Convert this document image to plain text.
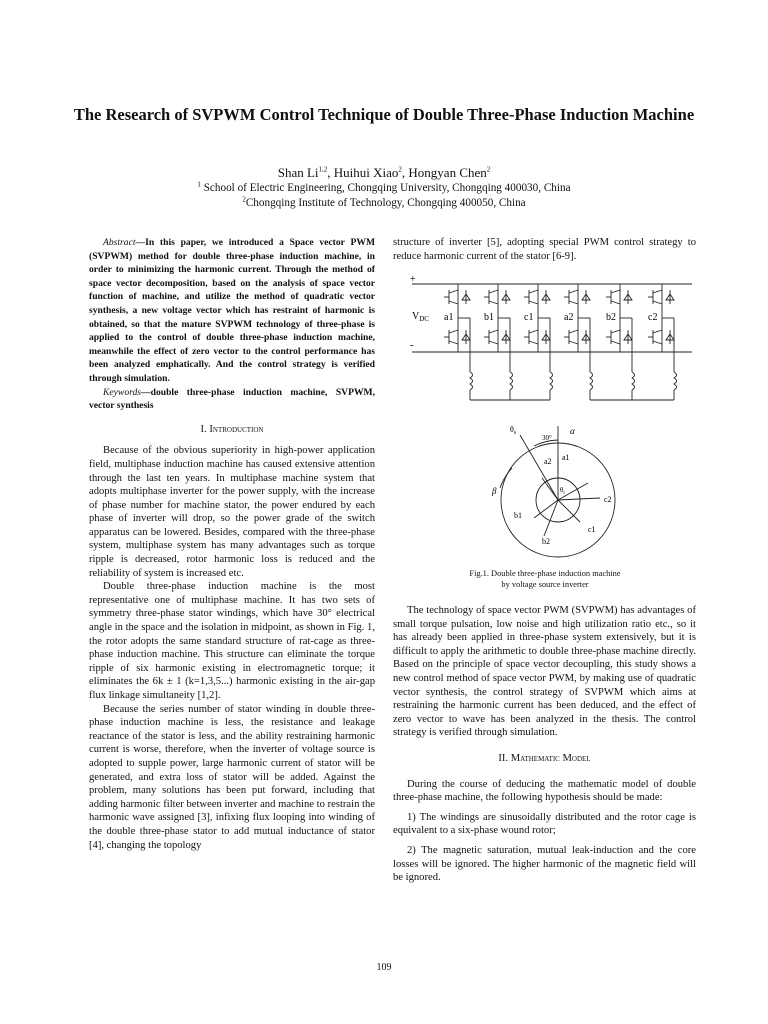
The Research of SVPWM Control Technique of Double Three-Phase Induction Machine
Shan Li$^{1,2}$, Huihui Xiao$^2$, Hongyan Chen$^2$
$^1$ School of Electric Engineering, Chongqing University, Chongqing 400030, China
$^2$Chongqing Institute of Technology, Chongqing 400050, China

Abstract—In this paper, we introduced a Space vector PWM (SVPWM) method for double three-phase induction machine, in order to minimizing the harmonic current. Through the method of space vector decomposition, based on the analysis of space vector function of machine, and utilize the method of quadratic vector synthesis, a new voltage vector which has restraint of harmonic is obtained, so that the mature SVPWM technology of three-phase is applied to the control of double three-phase induction machine, meanwhile the effect of zero vector to the control performance has been analyzed emphatically. And the control strategy is verified through simulation.

Keywords—double three-phase induction machine, SVPWM, vector synthesis

I. Introduction

Because of the obvious superiority in high-power application field, multiphase induction machine has caused extensive attention through the last ten years. In multiphase machine system that adopts multiphase inverter for the power supply, with the increase of phase number for machine stator, the power endured by each phase of inverter will drop, so the power grade of the switch apparatus can be lowered. Besides, compared with the three-phase system, multiphase system has many advantages such as torque ripple is decreased, rotor harmonic loss is reduced and the reliability of system is increased etc.

Double three-phase induction machine is the most representative one of multiphase machine. It has two sets of symmetry three-phase stator windings, which have 30° electrical angle in the space and the isolation in midpoint, as shown in Fig. 1, the rotor adopts the same standard structure of rat-cage as three-phase induction machine. This structure can eliminate the torque ripple of six harmonic existing in electromagnetic torque; it eliminates the 6k ± 1 (k=1,3,5...) harmonic existing in the air-gap flux linkage simultaneity [1,2].

Because the series number of stator winding in double three-phase induction machine is less, the resistance and leakage reactance of the stator is less, and the ability restraining harmonic current is worse, therefore, when the inverter of voltage source is adopted to supple power, large harmonic current of stator will be generated, and extra loss of stator will be added. Against the problem, many solutions has been put forward, including that adding harmonic filter between inverter and machine to restrain the harmonic wave assigned [3], infixing flux looping into winding of the double three-phase stator to add mutual inductance of stator [4], changing the topology

structure of inverter [5], adopting special PWM control strategy to reduce harmonic current of the stator [6-9].

+
-
$V_{DC}$ a1	b1	c1	a2	b2	c2
$\theta_s$
30°
α
β	$\theta_r$
a2 a1
c2
b1
c1
b2
Fig.1. Double three-phase induction machine
by voltage source inverter

The technology of space vector PWM (SVPWM) has advantages of small torque pulsation, low noise and high utilization ratio etc., so it has already been applied in three-phase system extensively, but it is difficult to apply the arithmetic to double three-phase machine directly. Based on the principle of space vector decoupling, this study shows a new control method of space vector PWM, by making use of quadratic vector synthesis, the control strategy of SVPWM which aims at restraining the harmonic current has been deduced, and the effect of zero vector to wave has been analyzed in the thesis. The control strategy is verified through simulation.

II. Mathematic Model

During the course of deducing the mathematic model of double three-phase machine, the following hypothesis should be made:

1) The windings are sinusoidally distributed and the rotor cage is equivalent to a six-phase wound rotor;

2) The magnetic saturation, mutual leak-induction and the core losses will be ignored. The higher harmonic of the magnetic field will be ignored.

109
